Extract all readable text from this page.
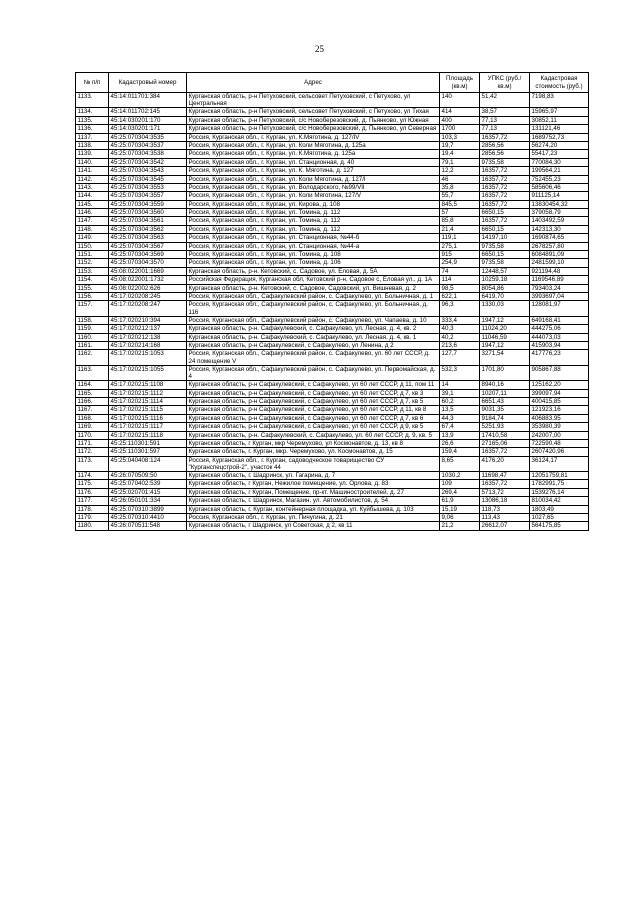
25
№ п/п	Кадастровый номер	Адрес	Площадь (кв.м)	УПКС (руб./кв.м)	Кадастровая стоимость (руб.)
1133.	45:14:011701:384	Курганская область, р-н Петуховский, сельсовет Петуховский, с Петухово, ул Центральная	140	51,42	7198,83
1134.	45:14:011702:145	Курганская область, р-н Петуховский, сельсовет Петуховский, с Петухово, ул Тихая	414	38,57	15965,97
1135.	45:14:030201:170	Курганская область, р-н Петуховский, с/с Новоберезовский, д. Пьянково, ул Южная	400	77,13	30852,11
1136.	45:14:030201:171	Курганская область, р-н Петуховский, с/с Новоберезовский, д. Пьянково, ул Северная	1700	77,13	131121,46
1137.	45:25:070304:3535	Россия, Курганская обл., г. Курган, ул. К.Мяготина, д. 127/IV	103,3	16357,72	1689752,73
1138.	45:25:070304:3537	Россия, Курганская обл., г. Курган, ул. Коли Мяготина, д. 125а	19,7	2856,56	56274,20
1139.	45:25:070304:3538	Россия, Курганская обл., г. Курган, ул. К.Мяготина, д. 125а	19,4	2856,56	55417,23
1140.	45:25:070304:3542	Россия, Курганская обл., г. Курган, ул. Станционная, д. 40	79,1	9735,58	770084,30
1141.	45:25:070304:3543	Россия, Курганская обл., г. Курган, ул. К. Мяготина, д. 127	12,2	16357,72	199564,21
1142.	45:25:070304:3545	Россия, Курганская обл., г. Курган, ул. Коли Мяготина, д. 127/I	46	16357,72	752455,23
1143.	45:25:070304:3553	Россия, Курганская обл., г. Курган, ул. Володарского, №99/VII	35,8	16357,72	585606,46
1144.	45:25:070304:3557	Россия, Курганская обл., г. Курган, ул. Коли Мяготина, 127/V	55,7	16357,72	911125,14
1145.	45:25:070304:3559	Россия, Курганская обл., г. Курган, ул. Кирова, д. 108	845,5	16357,72	13830454,32
1146.	45:25:070304:3560	Россия, Курганская обл., г. Курган, ул. Томина, д. 112	57	6650,15	379058,79
1147.	45:25:070304:3561	Россия, Курганская обл., г. Курган, ул. Томина, д. 112	85,8	16357,72	1403492,59
1148.	45:25:070304:3562	Россия, Курганская обл., г. Курган, ул. Томина, д. 112	21,4	6650,15	142313,30
1149.	45:25:070304:3563	Россия, Курганская обл., г. Курган, ул. Станционная, №44-б	119,1	14197,10	1690874,65
1150.	45:25:070304:3567	Россия, Курганская обл., г. Курган, ул. Станционная, №44-а	275,1	9735,58	2678257,80
1151.	45:25:070304:3569	Россия, Курганская обл., г. Курган, ул. Томина, д. 108	915	6650,15	6084891,09
1152.	45:25:070304:3570	Россия, Курганская обл., г. Курган, ул. Томина, д. 106	254,9	9735,58	2481599,10
1153.	45:08:022001:1669	Курганская область, р-н. Кетовский, с. Садовое, ул. Еловая, д. 5А	74	12448,57	921194,48
1154.	45:08:022001:1732	Российская Федерация, Курганская обл, Кетовский р-н, Садовое с, Еловая ул., д. 1А	114	10259,18	1169546,89
1155.	45:08:022002:626	Курганская область, р-н. Кетовский, с. Садовое, Садовский, ул. Вишневая, д. 2	98,5	8054,86	793403,24
1156.	45:17:020208:245	Россия, Курганская обл., Сафакулевский район, с. Сафакулево, ул. Больничная, д. 1	622,1	6419,70	3993697,04
1157.	45:17:020208:247	Россия, Курганская обл., Сафакулевский район, с. Сафакулево, ул. Больничная, д. 116	96,3	1330,03	128081,97
1158.	45:17:020210:394	Россия, Курганская обл., Сафакулевский район, с. Сафакулево, ул. Чапаева, д. 10	333,4	1947,12	649168,41
1159.	45:17:020212:137	Курганская область, р-н. Сафакулевский, с. Сафакулево, ул. Лесная, д. 4, кв. 2	40,3	11024,20	444275,06
1160.	45:17:020212:138	Курганская область, р-н. Сафакулевский, с. Сафакулево, ул. Лесная, д. 4, кв. 1	40,2	11046,59	444073,03
1161.	45:17:020214:168	Курганская область, р-н Сафакулевский, с Сафакулево, ул Ленина, д 2	213,6	1947,12	415903,94
1162.	45:17:020215:1053	Россия, Курганская обл., Сафакулевский район, с. Сафакулево, ул. 60 лет СССР, д. 24 помещение V	127,7	3271,54	417776,23
1163.	45:17:020215:1055	Россия, Курганская обл., Сафакулевский район, с. Сафакулево, ул. Первомайская, д. 4	532,3	1701,80	905867,88
1164.	45:17:020215:1108	Курганская область, р-н Сафакулевский, с Сафакулево, ул 60 лет СССР, д 11, пом 11	14	8940,16	125162,20
1165.	45:17:020215:1112	Курганская область, р-н Сафакулевский, с Сафакулево, ул 60 лет СССР, д 7, кв 3	39,1	10207,11	399097,94
1166.	45:17:020215:1114	Курганская область, р-н Сафакулевский, с Сафакулево, ул 60 лет СССР, д 7, кв 5	60,2	6651,43	400415,85
1167.	45:17:020215:1115	Курганская область, р-н Сафакулевский, с Сафакулево, ул 60 лет СССР, д 11, кв 8	13,5	9031,35	121923,16
1168.	45:17:020215:1116	Курганская область, р-н Сафакулевский, с Сафакулево, ул 60 лет СССР, д 7, кв 6	44,3	9184,74	406883,95
1169.	45:17:020215:1117	Курганская область, р-н Сафакулевский, с Сафакулево, ул 60 лет СССР, д 9, кв 5	67,4	5251,93	353980,39
1170.	45:17:020215:1118	Курганская область, р-н. Сафакулевский, с. Сафакулево, ул. 60 лет СССР, д. 9, кв. 5	13,9	17410,58	242007,00
1171.	45:25:110301:591	Курганская область, г Курган, мкр Черемухово, ул Космонавтов, д. 13, кв 8	26,6	27165,06	722590,48
1172.	45:25:110301:597	Курганская область, г. Курган, мкр. Черемухово, ул. Космонавтов, д. 15	159,4	16357,72	2607420,96
1173.	45:25:040408:124	Россия, Курганская обл., г. Курган, садоводческое товарищество СУ "Курганспецстрой-2", участок 44	8,65	4176,20	36124,17
1174.	45:26:070509:50	Курганская область, г. Шадринск, ул. Гагарина, д. 7	1030,2	11698,47	12051759,81
1175.	45:25:070402:539	Курганская область, г Курган, Нежилое помещение, ул. Орлова, д. 83	109	16357,72	1782991,75
1176.	45:25:020701:415	Курганская область, г Курган, Помещение, пр-кт. Машиностроителей, д. 27	269,4	5713,72	1539276,14
1177.	45:26:050101:334	Курганская область, г. Шадринск, Магазин, ул. Автомобилистов, д. 54	61,9	13086,18	810034,42
1178.	45:25:070310:3899	Курганская область, г. Курган, контейнерная площадка, ул. Куйбышева, д. 103	15,19	118,73	1803,49
1179.	45:25:070310:4410	Россия, Курганская обл., г. Курган, ул. Пичугина, д. 21	9,06	113,43	1027,65
1180.	45:26:070511:548	Курганская область, г Шадринск, ул Советская, д 2, кв 11	21,2	26612,07	564175,85
